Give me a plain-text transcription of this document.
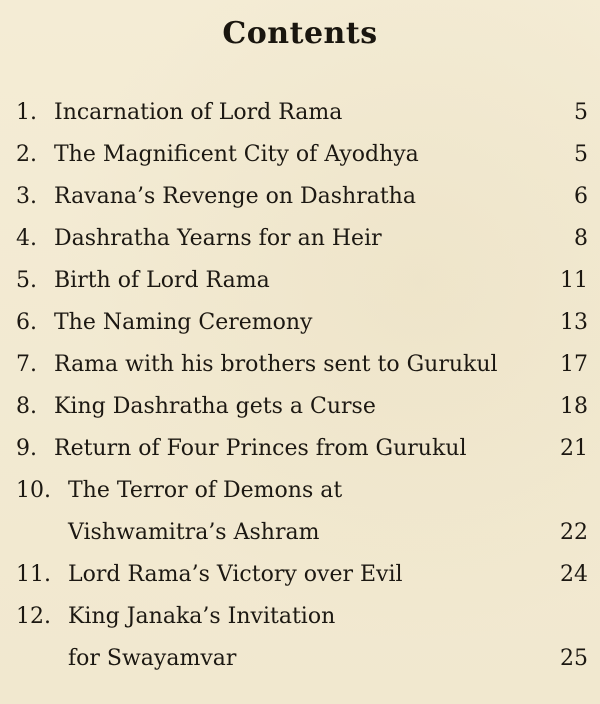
Contents
1. Incarnation of Lord Rama	5
2. The Magnificent City of Ayodhya	5
3. Ravana’s Revenge on Dashratha	6
4. Dashratha Yearns for an Heir	8
5. Birth of Lord Rama	11
6. The Naming Ceremony	13
7. Rama with his brothers sent to Gurukul	17
8. King Dashratha gets a Curse	18
9. Return of Four Princes from Gurukul	21
10. The Terror of Demons at
Vishwamitra’s Ashram	22
11. Lord Rama’s Victory over Evil	24
12. King Janaka’s Invitation
for Swayamvar	25
